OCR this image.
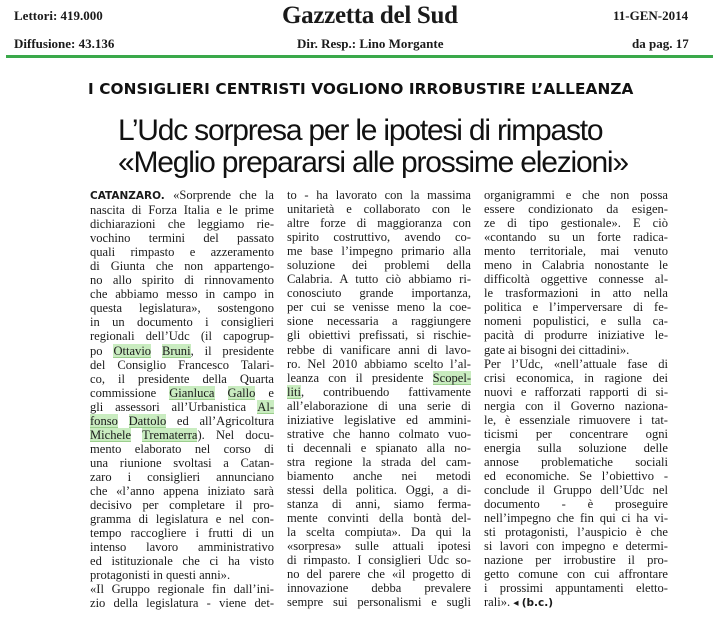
Lettori: 419.000
Diffusione: 43.136
Gazzetta del Sud
Dir. Resp.: Lino Morgante
11-GEN-2014
da pag. 17
I CONSIGLIERI CENTRISTI VOGLIONO IRROBUSTIRE L’ALLEANZA
L’Udc sorpresa per le ipotesi di rimpasto
«Meglio prepararsi alle prossime elezioni»
CATANZARO. «Sorprende che la
nascita di Forza Italia e le prime
dichiarazioni che leggiamo rie-
vochino termini del passato
quali rimpasto e azzeramento
di Giunta che non appartengo-
no allo spirito di rinnovamento
che abbiamo messo in campo in
questa legislatura», sostengono
in un documento i consiglieri
regionali dell’Udc (il capogrup-
po Ottavio Bruni, il presidente
del Consiglio Francesco Talari-
co, il presidente della Quarta
commissione Gianluca Gallo e
gli assessori all’Urbanistica Al-
fonso Dattolo ed all’Agricoltura
Michele Trematerra). Nel docu-
mento elaborato nel corso di
una riunione svoltasi a Catan-
zaro i consiglieri annunciano
che «l’anno appena iniziato sarà
decisivo per completare il pro-
gramma di legislatura e nel con-
tempo raccogliere i frutti di un
intenso lavoro amministrativo
ed istituzionale che ci ha visto
protagonisti in questi anni».
«Il Gruppo regionale fin dall’ini-
zio della legislatura - viene det-
to - ha lavorato con la massima
unitarietà e collaborato con le
altre forze di maggioranza con
spirito costruttivo, avendo co-
me base l’impegno primario alla
soluzione dei problemi della
Calabria. A tutto ciò abbiamo ri-
conosciuto grande importanza,
per cui se venisse meno la coe-
sione necessaria a raggiungere
gli obiettivi prefissati, si rischie-
rebbe di vanificare anni di lavo-
ro. Nel 2010 abbiamo scelto l’al-
leanza con il presidente Scopel-
liti, contribuendo fattivamente
all’elaborazione di una serie di
iniziative legislative ed ammini-
strative che hanno colmato vuo-
ti decennali e spianato alla no-
stra regione la strada del cam-
biamento anche nei metodi
stessi della politica. Oggi, a di-
stanza di anni, siamo ferma-
mente convinti della bontà del-
la scelta compiuta». Da qui la
«sorpresa» sulle attuali ipotesi
di rimpasto. I consiglieri Udc so-
no del parere che «il progetto di
innovazione debba prevalere
sempre sui personalismi e sugli
organigrammi e che non possa
essere condizionato da esigen-
ze di tipo gestionale». E ciò
«contando su un forte radica-
mento territoriale, mai venuto
meno in Calabria nonostante le
difficoltà oggettive connesse al-
le trasformazioni in atto nella
politica e l’imperversare di fe-
nomeni populistici, e sulla ca-
pacità di produrre iniziative le-
gate ai bisogni dei cittadini».
Per l’Udc, «nell’attuale fase di
crisi economica, in ragione dei
nuovi e rafforzati rapporti di si-
nergia con il Governo naziona-
le, è essenziale rimuovere i tat-
ticismi per concentrare ogni
energia sulla soluzione delle
annose problematiche sociali
ed economiche. Se l’obiettivo -
conclude il Gruppo dell’Udc nel
documento - è proseguire
nell’impegno che fin qui ci ha vi-
sti protagonisti, l’auspicio è che
si lavori con impegno e determi-
nazione per irrobustire il pro-
getto comune con cui affrontare
i prossimi appuntamenti eletto-
rali». ◂ (b.c.)
